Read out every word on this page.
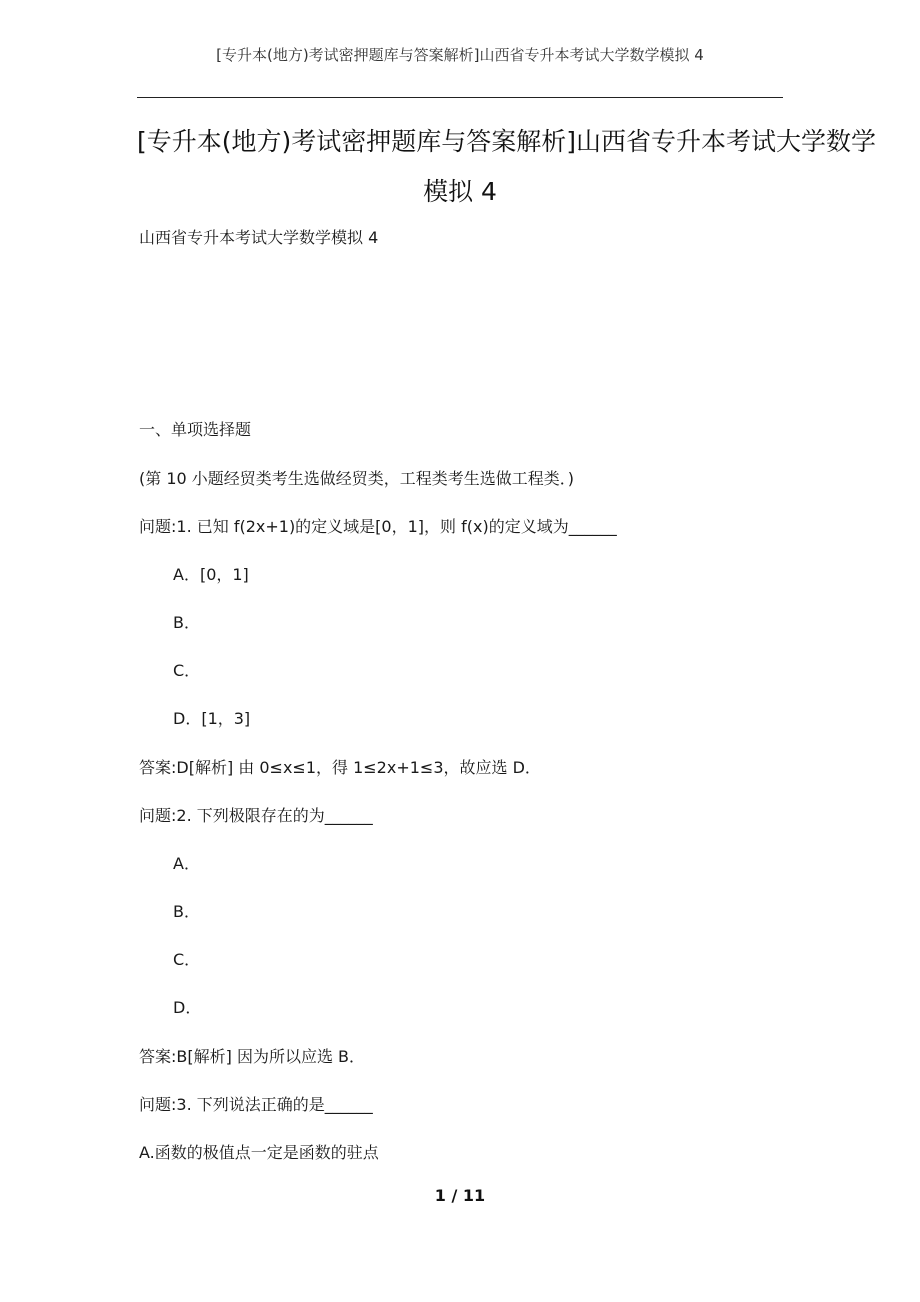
[专升本(地方)考试密押题库与答案解析]山西省专升本考试大学数学模拟 4
[专升本(地方)考试密押题库与答案解析]山西省专升本考试大学数学
模拟 4
山西省专升本考试大学数学模拟 4
一、单项选择题
(第 10 小题经贸类考生选做经贸类，工程类考生选做工程类．)
问题:1. 已知 f(2x+1)的定义域是[0，1]，则 f(x)的定义域为______
A．[0，1]
B．
C．
D．[1，3]
答案:D[解析] 由 0≤x≤1，得 1≤2x+1≤3，故应选 D．
问题:2. 下列极限存在的为______
A．
B．
C．
D．
答案:B[解析] 因为所以应选 B．
问题:3. 下列说法正确的是______
A.函数的极值点一定是函数的驻点
1 / 11
